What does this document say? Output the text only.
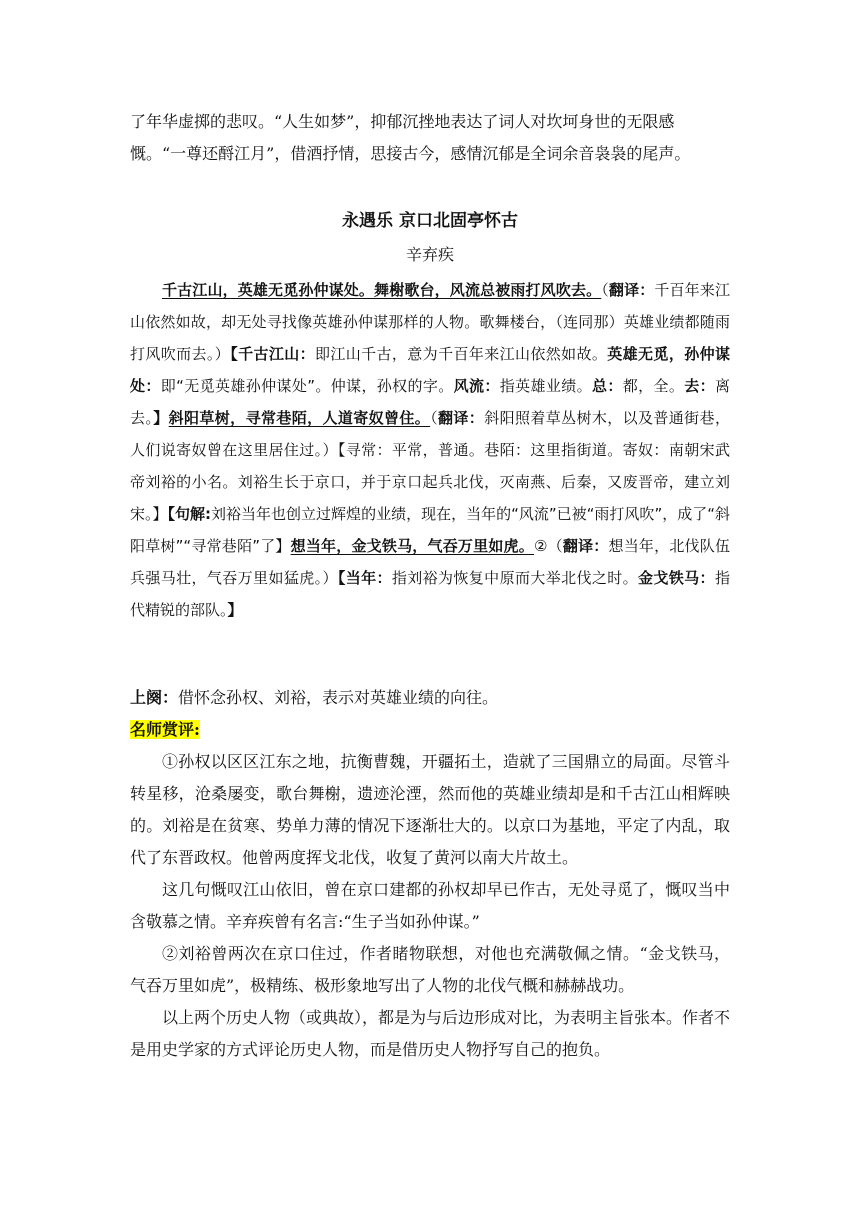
了年华虚掷的悲叹。“人生如梦”，抑郁沉挫地表达了词人对坎坷身世的无限感

慨。“一尊还酹江月”，借酒抒情，思接古今，感情沉郁是全词余音袅袅的尾声。

永遇乐 京口北固亭怀古
辛弃疾

千古江山，英雄无觅孙仲谋处。舞榭歌台，风流总被雨打风吹去。（翻译：千百年来江山依然如故，却无处寻找像英雄孙仲谋那样的人物。歌舞楼台，（连同那）英雄业绩都随雨打风吹而去。）【千古江山：即江山千古，意为千百年来江山依然如故。英雄无觅，孙仲谋处：即“无觅英雄孙仲谋处”。仲谋，孙权的字。风流：指英雄业绩。总：都，全。去：离去。】斜阳草树，寻常巷陌，人道寄奴曾住。（翻译：斜阳照着草丛树木，以及普通街巷，人们说寄奴曾在这里居住过。）【寻常：平常，普通。巷陌：这里指街道。寄奴：南朝宋武帝刘裕的小名。刘裕生长于京口，并于京口起兵北伐，灭南燕、后秦，又废晋帝，建立刘宋。】【句解:刘裕当年也创立过辉煌的业绩，现在，当年的“风流”已被“雨打风吹”，成了“斜阳草树”“寻常巷陌”了】想当年，金戈铁马，气吞万里如虎。②（翻译：想当年，北伐队伍兵强马壮，气吞万里如猛虎。）【当年：指刘裕为恢复中原而大举北伐之时。金戈铁马：指代精锐的部队。】

上阕：借怀念孙权、刘裕，表示对英雄业绩的向往。

名师赏评:

①孙权以区区江东之地，抗衡曹魏，开疆拓土，造就了三国鼎立的局面。尽管斗转星移，沧桑屡变，歌台舞榭，遗迹沦湮，然而他的英雄业绩却是和千古江山相辉映的。刘裕是在贫寒、势单力薄的情况下逐渐壮大的。以京口为基地，平定了内乱，取代了东晋政权。他曾两度挥戈北伐，收复了黄河以南大片故土。

这几句慨叹江山依旧，曾在京口建都的孙权却早已作古，无处寻觅了，慨叹当中含敬慕之情。辛弃疾曾有名言:“生子当如孙仲谋。”

②刘裕曾两次在京口住过，作者睹物联想，对他也充满敬佩之情。“金戈铁马，气吞万里如虎”，极精练、极形象地写出了人物的北伐气概和赫赫战功。

以上两个历史人物（或典故），都是为与后边形成对比，为表明主旨张本。作者不是用史学家的方式评论历史人物，而是借历史人物抒写自己的抱负。
